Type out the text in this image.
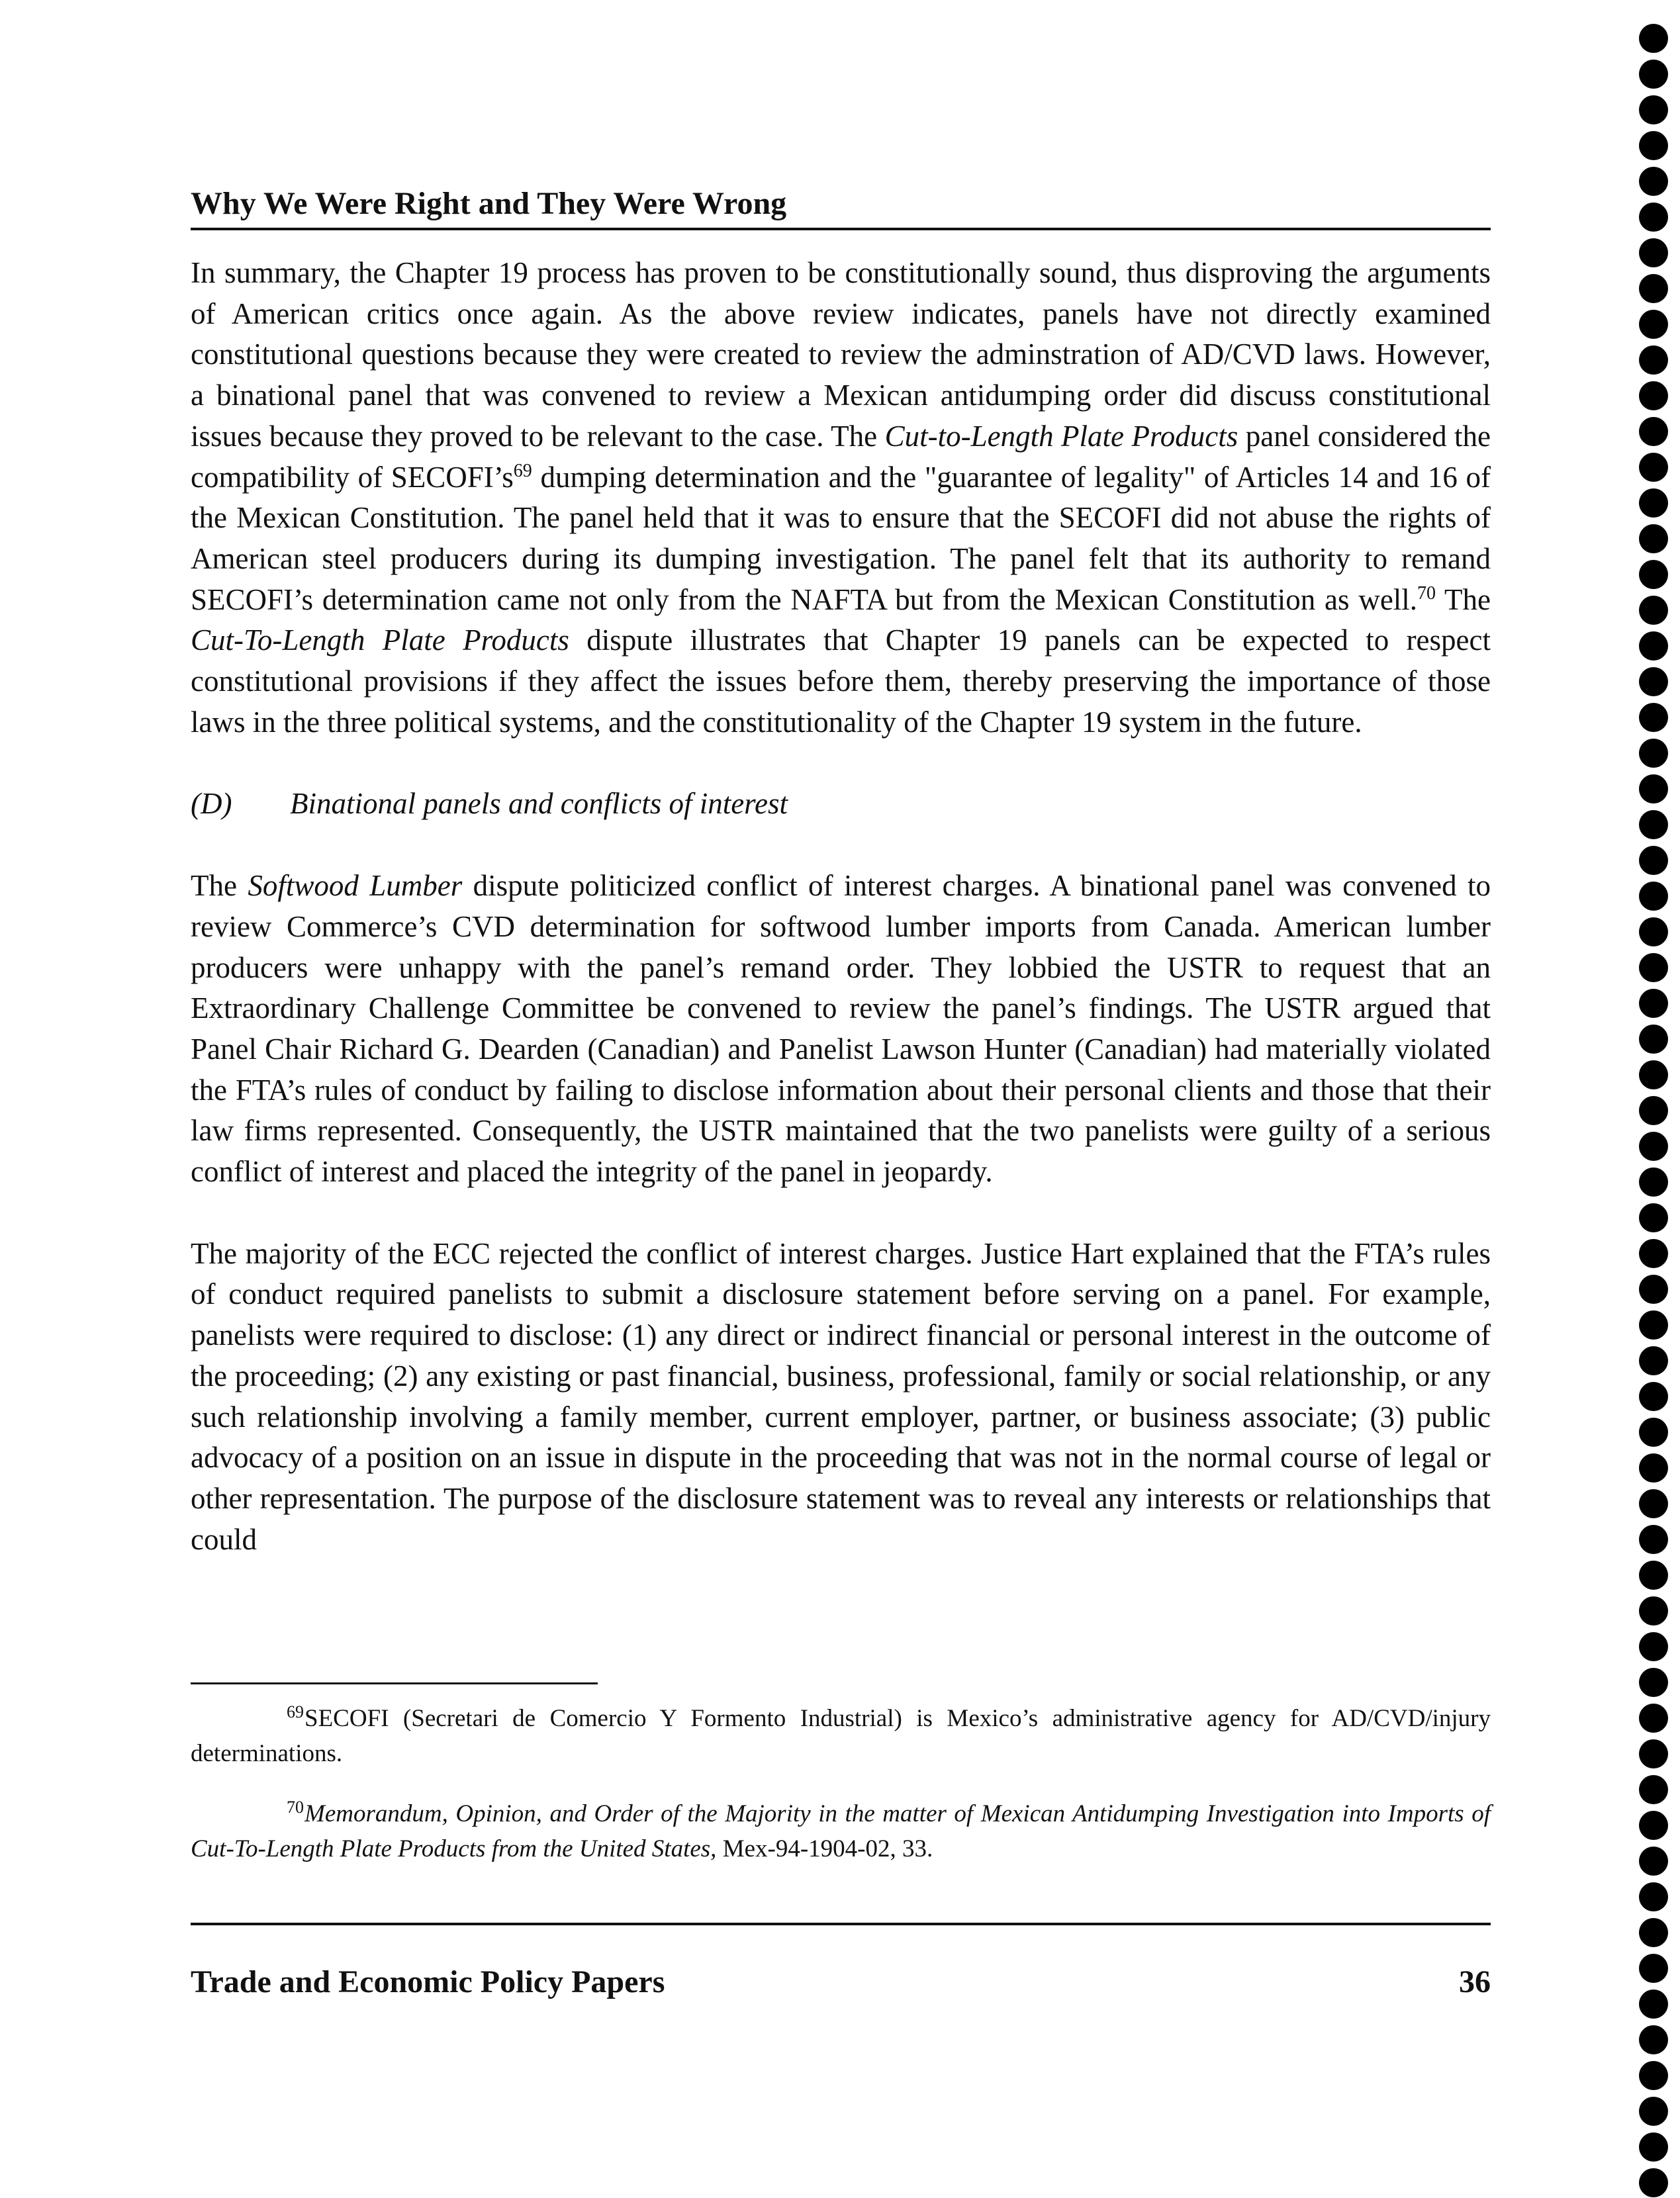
Why We Were Right and They Were Wrong

In summary, the Chapter 19 process has proven to be constitutionally sound, thus disproving the arguments of American critics once again. As the above review indicates, panels have not directly examined constitutional questions because they were created to review the adminstration of AD/CVD laws. However, a binational panel that was convened to review a Mexican antidumping order did discuss constitutional issues because they proved to be relevant to the case. The Cut-to-Length Plate Products panel considered the compatibility of $SECOFI’s^{69}$ dumping determination and the "guarantee of legality" of Articles 14 and 16 of the Mexican Constitution. The panel held that it was to ensure that the SECOFI did not abuse the rights of American steel producers during its dumping investigation. The panel felt that its authority to remand SECOFI’s determination came not only from the NAFTA but from the Mexican Constitution as well.$^{70}$ The Cut-To-Length Plate Products dispute illustrates that Chapter 19 panels can be expected to respect constitutional provisions if they affect the issues before them, thereby preserving the importance of those laws in the three political systems, and the constitutionality of the Chapter 19 system in the future.

(D) Binational panels and conflicts of interest

The Softwood Lumber dispute politicized conflict of interest charges. A binational panel was convened to review Commerce’s CVD determination for softwood lumber imports from Canada. American lumber producers were unhappy with the panel’s remand order. They lobbied the USTR to request that an Extraordinary Challenge Committee be convened to review the panel’s findings. The USTR argued that Panel Chair Richard G. Dearden (Canadian) and Panelist Lawson Hunter (Canadian) had materially violated the FTA’s rules of conduct by failing to disclose information about their personal clients and those that their law firms represented. Consequently, the USTR maintained that the two panelists were guilty of a serious conflict of interest and placed the integrity of the panel in jeopardy.

The majority of the ECC rejected the conflict of interest charges. Justice Hart explained that the FTA’s rules of conduct required panelists to submit a disclosure statement before serving on a panel. For example, panelists were required to disclose: (1) any direct or indirect financial or personal interest in the outcome of the proceeding; (2) any existing or past financial, business, professional, family or social relationship, or any such relationship involving a family member, current employer, partner, or business associate; (3) public advocacy of a position on an issue in dispute in the proceeding that was not in the normal course of legal or other representation. The purpose of the disclosure statement was to reveal any interests or relationships that could

69SECOFI (Secretari de Comercio Y Formento Industrial) is Mexico’s administrative agency for AD/CVD/injury determinations.

70Memorandum, Opinion, and Order of the Majority in the matter of Mexican Antidumping Investigation into Imports of Cut-To-Length Plate Products from the United States, Mex-94-1904-02, 33.

Trade and Economic Policy Papers	36
